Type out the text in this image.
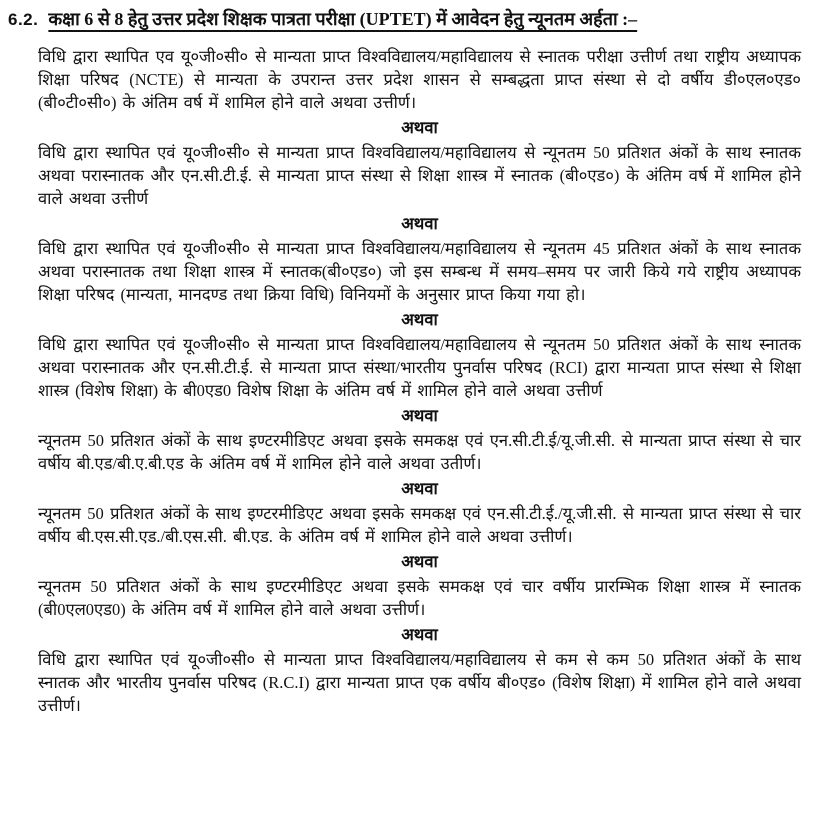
6.2. कक्षा 6 से 8 हेतु उत्तर प्रदेश शिक्षक पात्रता परीक्षा (UPTET) में आवेदन हेतु न्यूनतम अर्हता :–

विधि द्वारा स्थापित एव यू०जी०सी० से मान्यता प्राप्त विश्वविद्यालय/महाविद्यालय से स्नातक परीक्षा उत्तीर्ण तथा राष्ट्रीय अध्यापक शिक्षा परिषद (NCTE) से मान्यता के उपरान्त उत्तर प्रदेश शासन से सम्बद्धता प्राप्त संस्था से दो वर्षीय डी०एल०एड० (बी०टी०सी०) के अंतिम वर्ष में शामिल होने वाले अथवा उत्तीर्ण।

अथवा

विधि द्वारा स्थापित एवं यू०जी०सी० से मान्यता प्राप्त विश्वविद्यालय/महाविद्यालय से न्यूनतम 50 प्रतिशत अंकों के साथ स्नातक अथवा परास्नातक और एन.सी.टी.ई. से मान्यता प्राप्त संस्था से शिक्षा शास्त्र में स्नातक (बी०एड०) के अंतिम वर्ष में शामिल होने वाले अथवा उत्तीर्ण

अथवा

विधि द्वारा स्थापित एवं यू०जी०सी० से मान्यता प्राप्त विश्वविद्यालय/महाविद्यालय से न्यूनतम 45 प्रतिशत अंकों के साथ स्नातक अथवा परास्नातक तथा शिक्षा शास्त्र में स्नातक(बी०एड०) जो इस सम्बन्ध में समय–समय पर जारी किये गये राष्ट्रीय अध्यापक शिक्षा परिषद (मान्यता, मानदण्ड तथा क्रिया विधि) विनियमों के अनुसार प्राप्त किया गया हो।

अथवा

विधि द्वारा स्थापित एवं यू०जी०सी० से मान्यता प्राप्त विश्वविद्यालय/महाविद्यालय से न्यूनतम 50 प्रतिशत अंकों के साथ स्नातक अथवा परास्नातक और एन.सी.टी.ई. से मान्यता प्राप्त संस्था/भारतीय पुनर्वास परिषद (RCI) द्वारा मान्यता प्राप्त संस्था से शिक्षा शास्त्र (विशेष शिक्षा) के बी0एड0 विशेष शिक्षा के अंतिम वर्ष में शामिल होने वाले अथवा उत्तीर्ण

अथवा

न्यूनतम 50 प्रतिशत अंकों के साथ इण्टरमीडिएट अथवा इसके समकक्ष एवं एन.सी.टी.ई/यू.जी.सी. से मान्यता प्राप्त संस्था से चार वर्षीय बी.एड/बी.ए.बी.एड के अंतिम वर्ष में शामिल होने वाले अथवा उतीर्ण।

अथवा

न्यूनतम 50 प्रतिशत अंकों के साथ इण्टरमीडिएट अथवा इसके समकक्ष एवं एन.सी.टी.ई./यू.जी.सी. से मान्यता प्राप्त संस्था से चार वर्षीय बी.एस.सी.एड./बी.एस.सी. बी.एड. के अंतिम वर्ष में शामिल होने वाले अथवा उत्तीर्ण।

अथवा

न्यूनतम 50 प्रतिशत अंकों के साथ इण्टरमीडिएट अथवा इसके समकक्ष एवं चार वर्षीय प्रारम्भिक शिक्षा शास्त्र में स्नातक (बी0एल0एड0) के अंतिम वर्ष में शामिल होने वाले अथवा उत्तीर्ण।

अथवा

विधि द्वारा स्थापित एवं यू०जी०सी० से मान्यता प्राप्त विश्वविद्यालय/महाविद्यालय से कम से कम 50 प्रतिशत अंकों के साथ स्नातक और भारतीय पुनर्वास परिषद (R.C.I) द्वारा मान्यता प्राप्त एक वर्षीय बी०एड० (विशेष शिक्षा) में शामिल होने वाले अथवा उत्तीर्ण।
